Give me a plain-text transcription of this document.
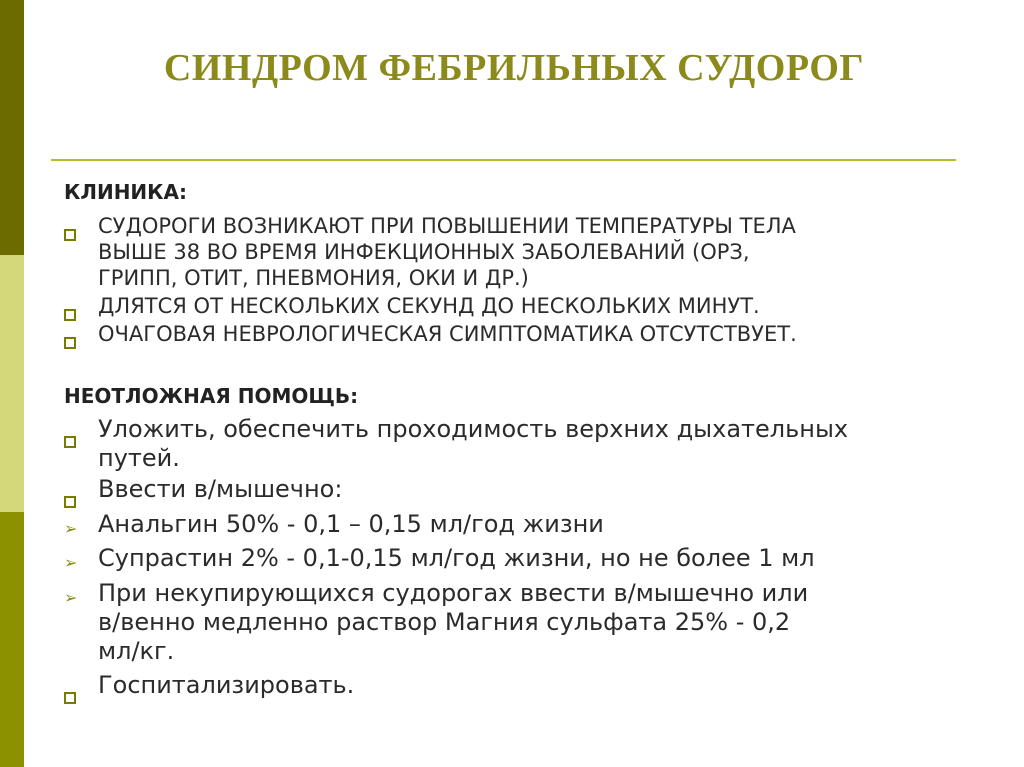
СИНДРОМ ФЕБРИЛЬНЫХ СУДОРОГ
КЛИНИКА:
СУДОРОГИ ВОЗНИКАЮТ ПРИ ПОВЫШЕНИИ ТЕМПЕРАТУРЫ ТЕЛА
ВЫШЕ 38 ВО ВРЕМЯ ИНФЕКЦИОННЫХ ЗАБОЛЕВАНИЙ (ОРЗ,
ГРИПП, ОТИТ, ПНЕВМОНИЯ, ОКИ И ДР.)
ДЛЯТСЯ ОТ НЕСКОЛЬКИХ СЕКУНД ДО НЕСКОЛЬКИХ МИНУТ.
ОЧАГОВАЯ НЕВРОЛОГИЧЕСКАЯ СИМПТОМАТИКА ОТСУТСТВУЕТ.
НЕОТЛОЖНАЯ ПОМОЩЬ:
Уложить, обеспечить проходимость верхних дыхательных
путей.
Ввести в/мышечно:
➢ Анальгин 50% - 0,1 – 0,15 мл/год жизни
➢ Супрастин 2% - 0,1-0,15 мл/год жизни, но не более 1 мл
➢ При некупирующихся судорогах ввести в/мышечно или
в/венно медленно раствор Магния сульфата 25% - 0,2
мл/кг.
Госпитализировать.
